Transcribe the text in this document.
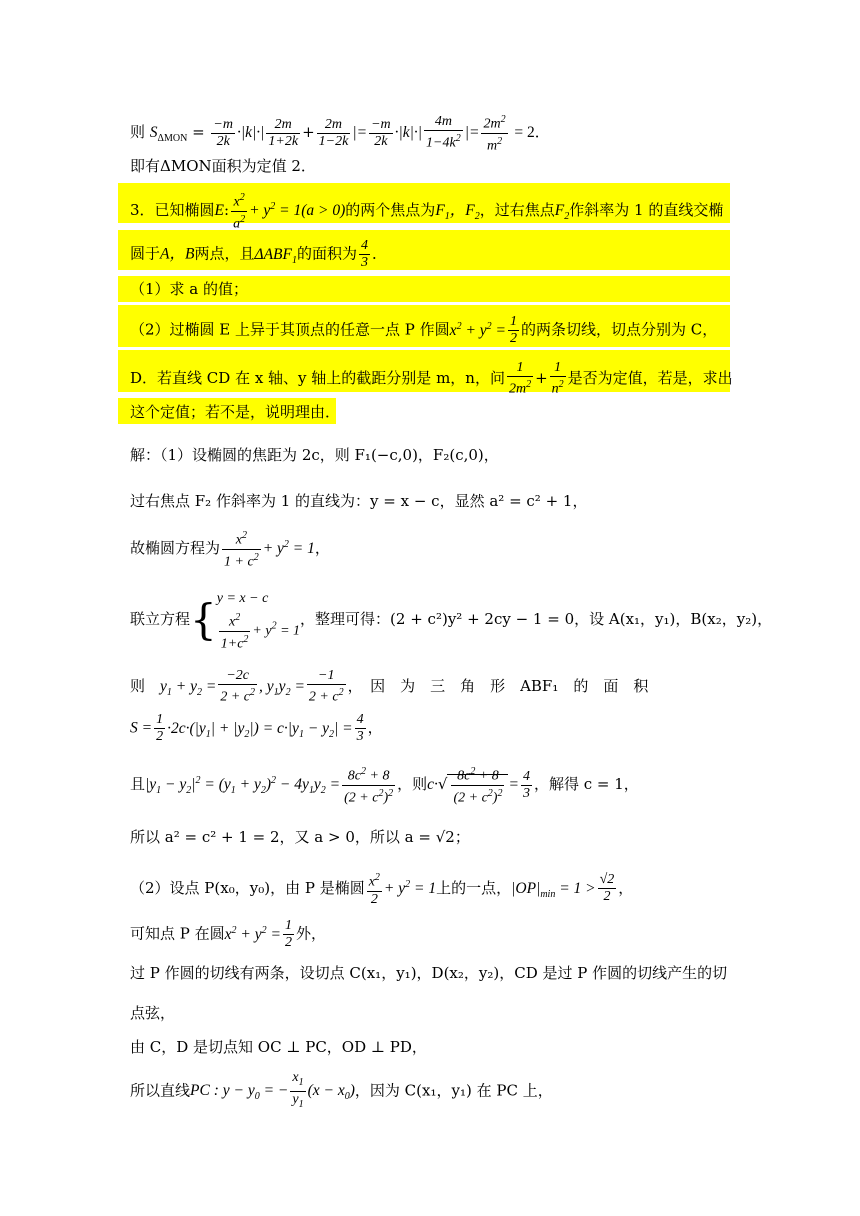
则 $S_{\Delta MON} = \frac{-m}{2k} \cdot|k|\cdot| \frac{2m}{1+2k} + \frac{2m}{1-2k}$ |= $\frac{-m}{2k} \cdot|k|\cdot| \frac{4m}{1-4k^2}$ |= $\frac{2m^2}{m^2} = 2$．
即有ΔMON面积为定值 2．
3．已知椭圆E: $\frac{x^2}{a^2} + y^2 = 1(a > 0)$的两个焦点为$F_1$，$F_2$，过右焦点$F_2$作斜率为 1 的直线交椭
圆于A，B两点，且$\Delta ABF_1$的面积为 $\frac{4}{3}$ ．
（1）求 a 的值；
（2）过椭圆 E 上异于其顶点的任意一点 P 作圆$x^2 + y^2 = \frac{1}{2}$ 的两条切线，切点分别为 C，
D．若直线 CD 在 x 轴、y 轴上的截距分别是 m，n，问 $\frac{1}{2m^2} + \frac{1}{n^2}$ 是否为定值，若是，求出
这个定值；若不是，说明理由．
解：（1）设椭圆的焦距为 2c，则 F₁(−c,0)，F₂(c,0)，
过右焦点 F₂ 作斜率为 1 的直线为：y = x − c，显然 a² = c² + 1，
故椭圆方程为 $\frac{x^2}{1 + c^2} + y^2 = 1$，
联立方程{ y = x − c
$\frac{x^2}{1+c^2} + y^2 = 1$
，整理可得：(2 + c²)y² + 2cy − 1 = 0，设 A(x₁，y₁)，B(x₂，y₂)，
则　 $y_1 + y_2 = \frac{-2c}{2 + c^2}$ , $y_1y_2 = \frac{-1}{2 + c^2}$ ，　因　为　三　角　形　ABF₁　的　面　积
$S = \frac{1}{2} \cdot 2c\cdot(|y_1| + |y_2|) = c\cdot|y_1 - y_2| = \frac{4}{3}$ ，
且$|y_1 - y_2|^2 = (y_1 + y_2)^2 - 4y_1y_2 = \frac{8c^2 + 8}{(2 + c^2)^2}$ ，则$c\cdot√ \frac{8c^2 + 8}{(2 + c^2)^2} = \frac{4}{3}$ ，解得 c = 1，
所以 a² = c² + 1 = 2，又 a > 0，所以 a = √2；
（2）设点 P(x₀，y₀)，由 P 是椭圆 $\frac{x^2}{2} + y^2 = 1$上的一点，$|OP|_{min} = 1 > \frac{√2}{2}$ ，
可知点 P 在圆$x^2 + y^2 = \frac{1}{2}$ 外，
过 P 作圆的切线有两条，设切点 C(x₁，y₁)，D(x₂，y₂)，CD 是过 P 作圆的切线产生的切
点弦，
由 C，D 是切点知 OC ⊥ PC，OD ⊥ PD，
所以直线PC : $y - y_0$ = − $\frac{x_1}{y_1} (x - x_0)$，因为 C(x₁，y₁) 在 PC 上，
